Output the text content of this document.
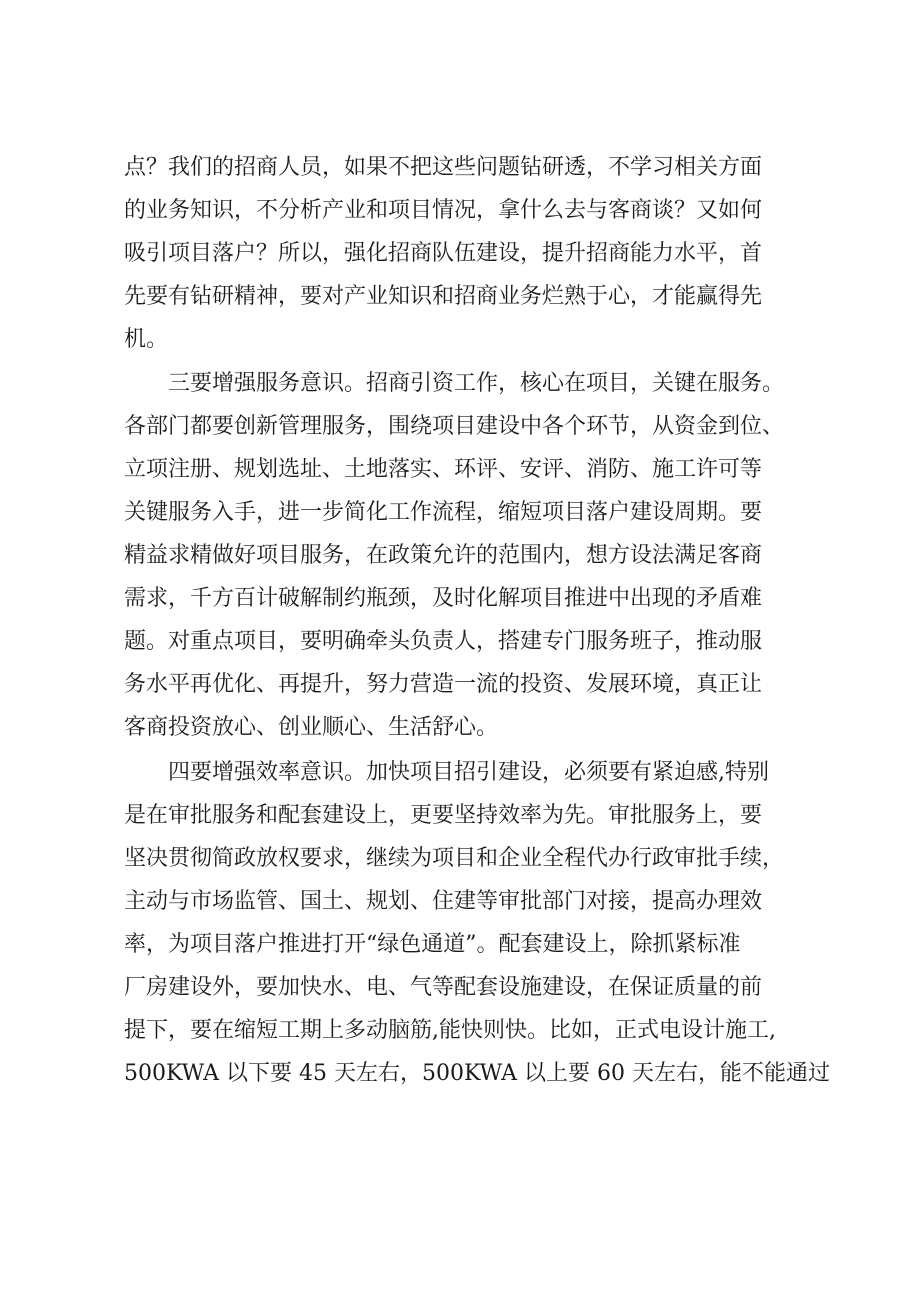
点？我们的招商人员，如果不把这些问题钻研透，不学习相关方面
的业务知识，不分析产业和项目情况，拿什么去与客商谈？又如何
吸引项目落户？所以，强化招商队伍建设，提升招商能力水平，首
先要有钻研精神，要对产业知识和招商业务烂熟于心，才能赢得先
机。
　　三要增强服务意识。招商引资工作，核心在项目，关键在服务。
各部门都要创新管理服务，围绕项目建设中各个环节，从资金到位、
立项注册、规划选址、土地落实、环评、安评、消防、施工许可等
关键服务入手，进一步简化工作流程，缩短项目落户建设周期。要
精益求精做好项目服务，在政策允许的范围内，想方设法满足客商
需求，千方百计破解制约瓶颈，及时化解项目推进中出现的矛盾难
题。对重点项目，要明确牵头负责人，搭建专门服务班子，推动服
务水平再优化、再提升，努力营造一流的投资、发展环境，真正让
客商投资放心、创业顺心、生活舒心。
　　四要增强效率意识。加快项目招引建设，必须要有紧迫感,特别
是在审批服务和配套建设上，更要坚持效率为先。审批服务上，要
坚决贯彻简政放权要求，继续为项目和企业全程代办行政审批手续，
主动与市场监管、国土、规划、住建等审批部门对接，提高办理效
率，为项目落户推进打开“绿色通道”。配套建设上，除抓紧标准
厂房建设外，要加快水、电、气等配套设施建设，在保证质量的前
提下，要在缩短工期上多动脑筋,能快则快。比如，正式电设计施工,
500KWA 以下要 45 天左右，500KWA 以上要 60 天左右，能不能通过
